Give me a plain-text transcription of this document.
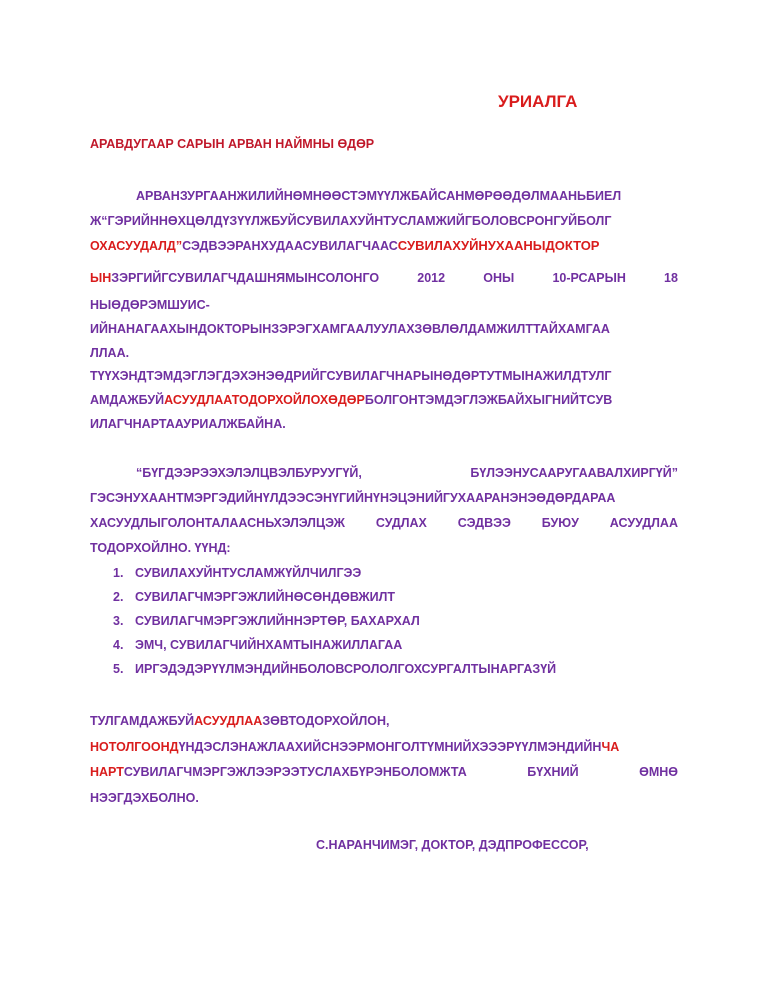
УРИАЛГА
АРАВДУГААР САРЫН АРВАН НАЙМНЫ ӨДӨР
АРВАНЗУРГААНЖИЛИЙНӨМНӨӨСТЭМҮҮЛЖБАЙСАНМӨРӨӨДӨЛМААНЬБИЕЛ
Ж“ГЭРИЙННӨХЦӨЛДҮЗҮҮЛЖБУЙСУВИЛАХУЙНТУСЛАМЖИЙГБОЛОВСРОНГУЙБОЛГ
ОХАСУУДАЛД”СЭДВЭЭРАНХУДААСУВИЛАГЧААССУВИЛАХУЙНУХААНЫДОКТОР
ЫНЗЭРГИЙГСУВИЛАГЧДАШНЯМЫНСОЛОНГО	2012	ОНЫ	10-РСАРЫН	18
НЫӨДӨРЭМШУИС-
ИЙНАНАГААХЫНДОКТОРЫНЗЭРЭГХАМГААЛУУЛАХЗӨВЛӨЛДАМЖИЛТТАЙХАМГАА
ЛЛАА.
ТҮҮХЭНДТЭМДЭГЛЭГДЭХЭНЭӨДРИЙГСУВИЛАГЧНАРЫНӨДӨРТУТМЫНАЖИЛДТУЛГ
АМДАЖБУЙАСУУДЛААТОДОРХОЙЛОХӨДӨРБОЛГОНТЭМДЭГЛЭЖБАЙХЫГНИЙТСУВ
ИЛАГЧНАРТААУРИАЛЖБАЙНА.
“БҮГДЭЭРЭЭХЭЛЭЛЦВЭЛБУРУУГҮЙ,	БҮЛЭЭНУСААРУГААВАЛХИРГҮЙ”
ГЭСЭНУХААНТМЭРГЭДИЙНҮЛДЭЭСЭНҮГИЙНҮНЭЦЭНИЙГУХААРАНЭНЭӨДӨРДАРАА
ХАСУУДЛЫГОЛОНТАЛААСНЬХЭЛЭЛЦЭЖ СУДЛАХ СЭДВЭЭ БУЮУ АСУУДЛАА
ТОДОРХОЙЛНО. ҮҮНД:
1. СУВИЛАХУЙНТУСЛАМЖҮЙЛЧИЛГЭЭ
2. СУВИЛАГЧМЭРГЭЖЛИЙНӨСӨНДӨВЖИЛТ
3. СУВИЛАГЧМЭРГЭЖЛИЙННЭРТӨР, БАХАРХАЛ
4. ЭМЧ, СУВИЛАГЧИЙНХАМТЫНАЖИЛЛАГАА
5. ИРГЭДЭДЭРҮҮЛМЭНДИЙНБОЛОВСРОЛОЛГОХСУРГАЛТЫНАРГАЗҮЙ
ТУЛГАМДАЖБУЙАСУУДЛААЗӨВТОДОРХОЙЛОН,
НОТОЛГООНДҮНДЭСЛЭНАЖЛААХИЙСНЭЭРМОНГОЛТҮМНИЙХЭЭЭРҮҮЛМЭНДИЙНЧА
НАРТСУВИЛАГЧМЭРГЭЖЛЭЭРЭЭТУСЛАХБҮРЭНБОЛОМЖТА	БҮХНИЙ	ӨМНӨ
НЭЭГДЭХБОЛНО.
С.НАРАНЧИМЭГ, ДОКТОР, ДЭДПРОФЕССОР,
